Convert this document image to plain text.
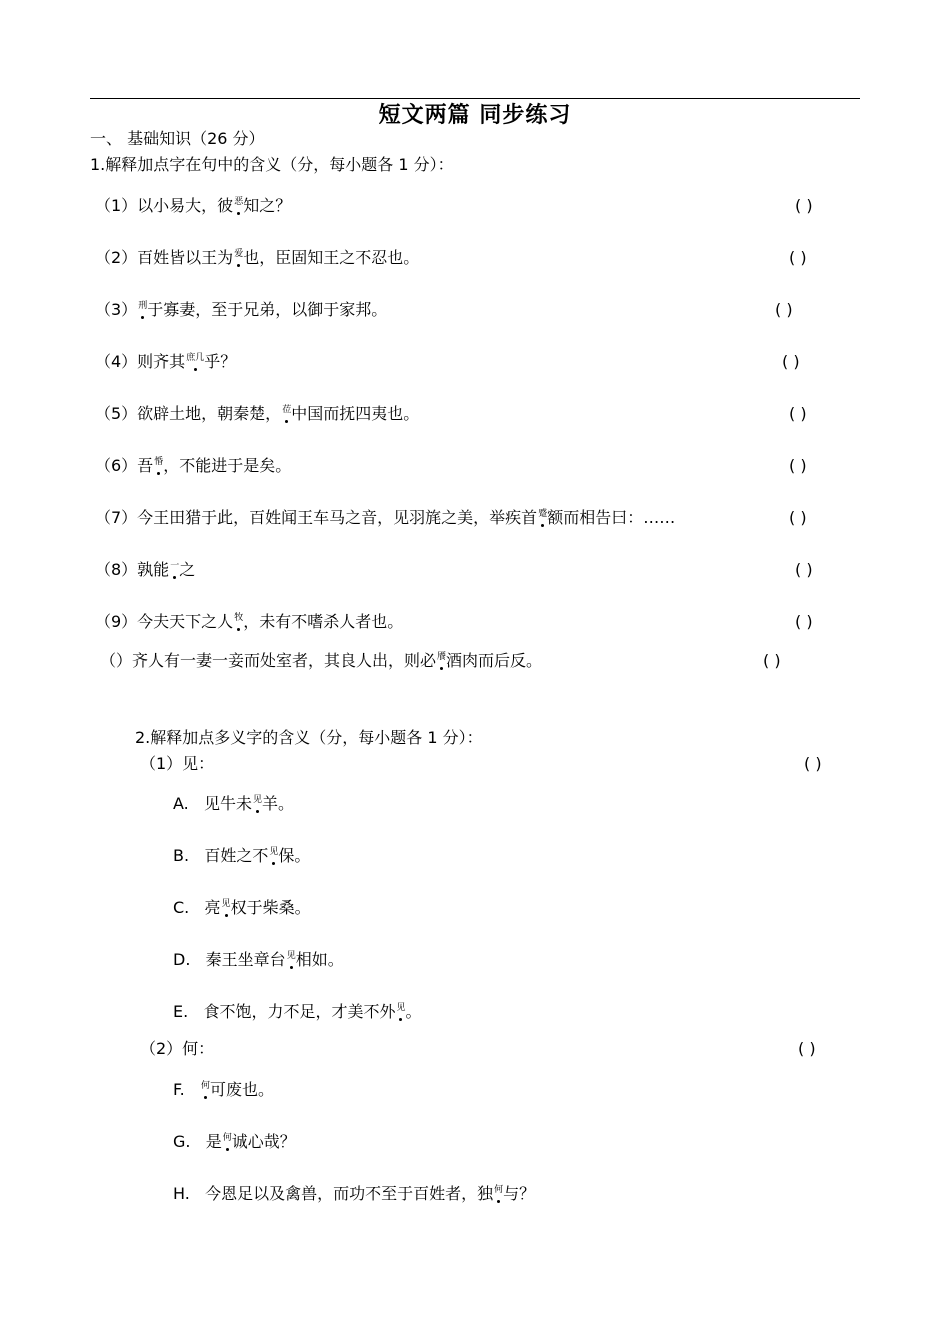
短文两篇 同步练习
一、 基础知识（26 分）
1.解释加点字在句中的含义（分，每小题各 1 分）：
（1）以小易大，彼恶知之？	( )
（2）百姓皆以王为爱也，臣固知王之不忍也。	( )
（3）刑于寡妻，至于兄弟，以御于家邦。	( )
（4）则齐其庶几乎？	( )
（5）欲辟土地，朝秦楚，莅中国而抚四夷也。	( )
（6）吾惛，不能进于是矣。	( )
（7）今王田猎于此，百姓闻王车马之音，见羽旄之美，举疾首蹙额而相告曰：……	( )
（8）孰能一之	( )
（9）今夫天下之人牧，未有不嗜杀人者也。	( )
（）齐人有一妻一妾而处室者，其良人出，则必餍酒肉而后反。	( )
2.解释加点多义字的含义（分，每小题各 1 分）：
（1）见：	( )
A. 见牛未见羊。
B. 百姓之不见保。
C. 亮见权于柴桑。
D. 秦王坐章台见相如。
E. 食不饱，力不足，才美不外见。
（2）何：	( )
F. 何可废也。
G. 是何诚心哉？
H. 今恩足以及禽兽，而功不至于百姓者，独何与？
